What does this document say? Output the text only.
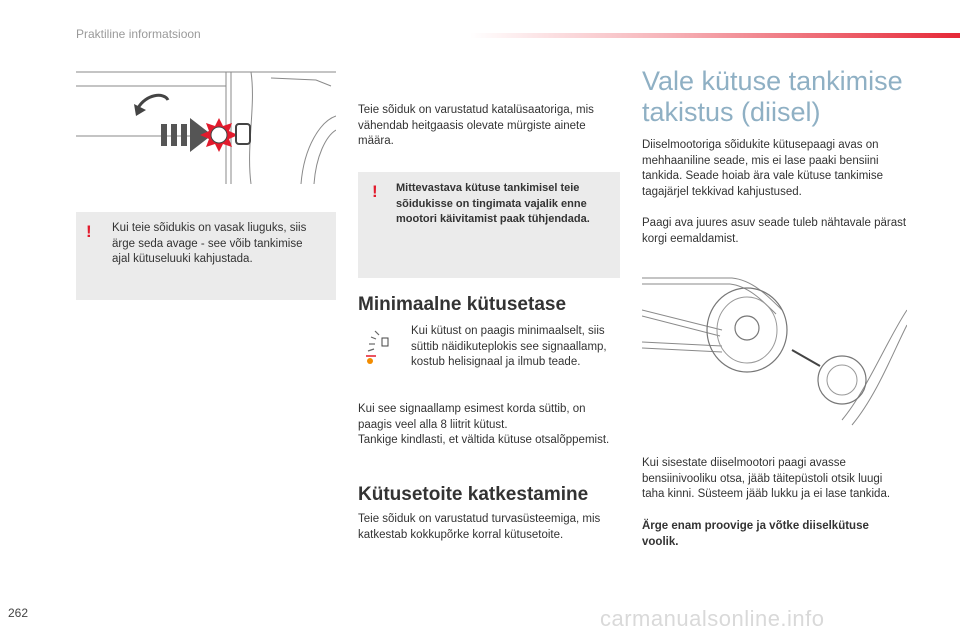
Praktiline informatsioon
! Kui teie sõidukis on vasak liuguks, siis ärge seda avage - see võib tankimise ajal kütuseluuki kahjustada.

Teie sõiduk on varustatud katalüsaatoriga, mis vähendab heitgaasis olevate mürgiste ainete määra.

! Mittevastava kütuse tankimisel teie sõidukisse on tingimata vajalik enne mootori käivitamist paak tühjendada.

Minimaalne kütusetase

Kui kütust on paagis minimaalselt, siis süttib näidikuteplokis see signaallamp, kostub helisignaal ja ilmub teade.

Kui see signaallamp esimest korda süttib, on paagis veel alla 8 liitrit kütust.

Tankige kindlasti, et vältida kütuse otsalõppemist.

Kütusetoite katkestamine

Teie sõiduk on varustatud turvasüsteemiga, mis katkestab kokkupõrke korral kütusetoite.

Vale kütuse tankimise
takistus (diisel)

Diiselmootoriga sõidukite kütusepaagi avas on mehhaaniline seade, mis ei lase paaki bensiini tankida. Seade hoiab ära vale kütuse tankimise tagajärjel tekkivad kahjustused.

Paagi ava juures asuv seade tuleb nähtavale pärast korgi eemaldamist.

Kui sisestate diiselmootori paagi avasse bensiinivooliku otsa, jääb täitepüstoli otsik luugi taha kinni. Süsteem jääb lukku ja ei lase tankida.

Ärge enam proovige ja võtke diiselkütuse voolik.

262	carmanualsonline.info
